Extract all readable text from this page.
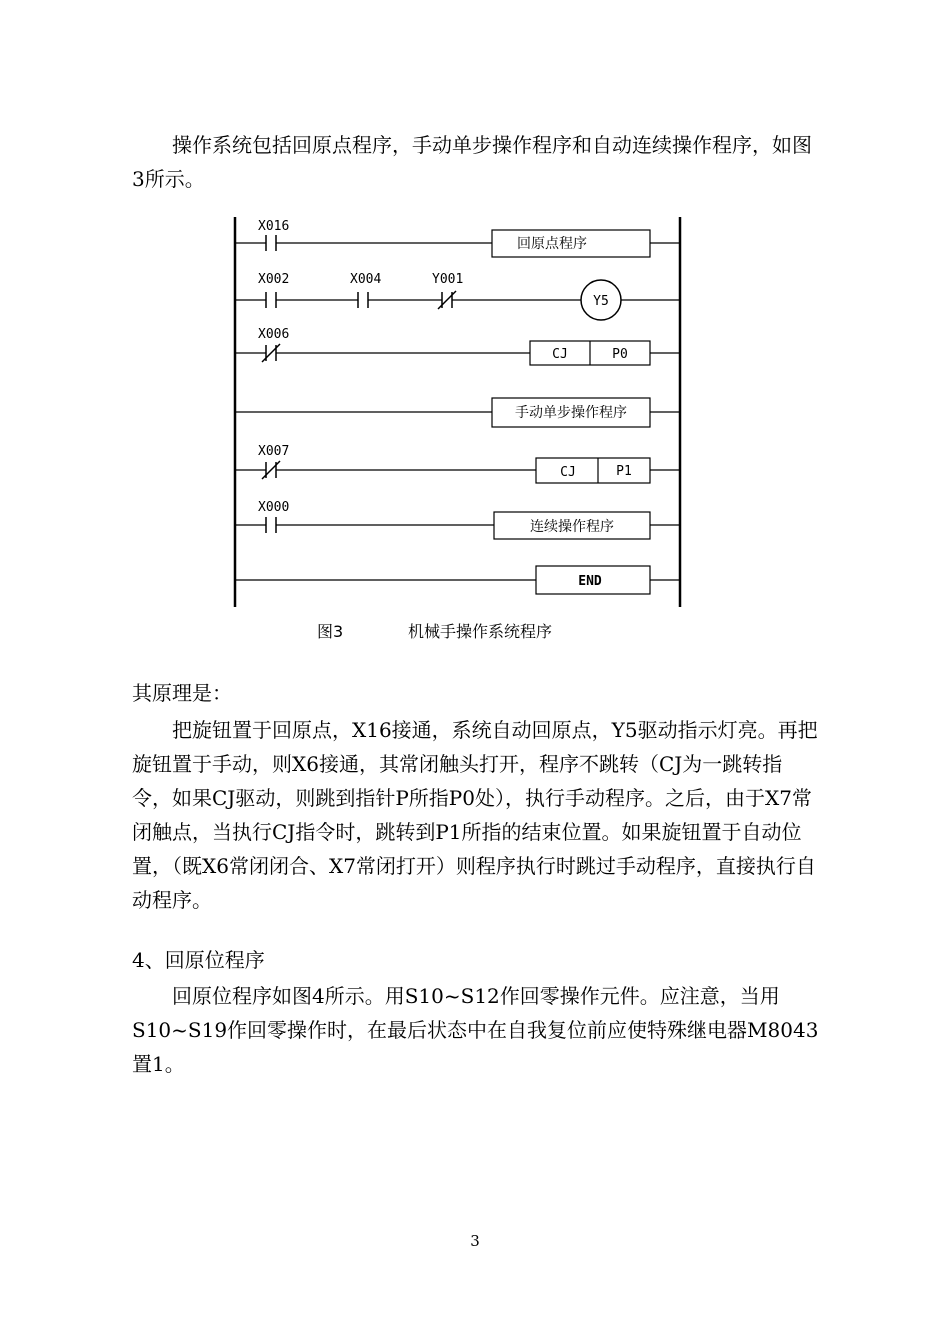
操作系统包括回原点程序，手动单步操作程序和自动连续操作程序，如图3所示。

X016
回原点程序
X002	X004	Y001
Y5
X006
CJ	P0
手动单步操作程序
X007
CJ	P1
X000
连续操作程序
END
图3	机械手操作系统程序

其原理是：

把旋钮置于回原点，X16接通，系统自动回原点，Y5驱动指示灯亮。再把旋钮置于手动，则X6接通，其常闭触头打开，程序不跳转（CJ为一跳转指令，如果CJ驱动，则跳到指针P所指P0处），执行手动程序。之后，由于X7常闭触点，当执行CJ指令时，跳转到P1所指的结束位置。如果旋钮置于自动位置，（既X6常闭闭合、X7常闭打开）则程序执行时跳过手动程序，直接执行自动程序。

4、回原位程序

回原位程序如图4所示。用S10~S12作回零操作元件。应注意，当用S10~S19作回零操作时，在最后状态中在自我复位前应使特殊继电器M8043置1。

3
